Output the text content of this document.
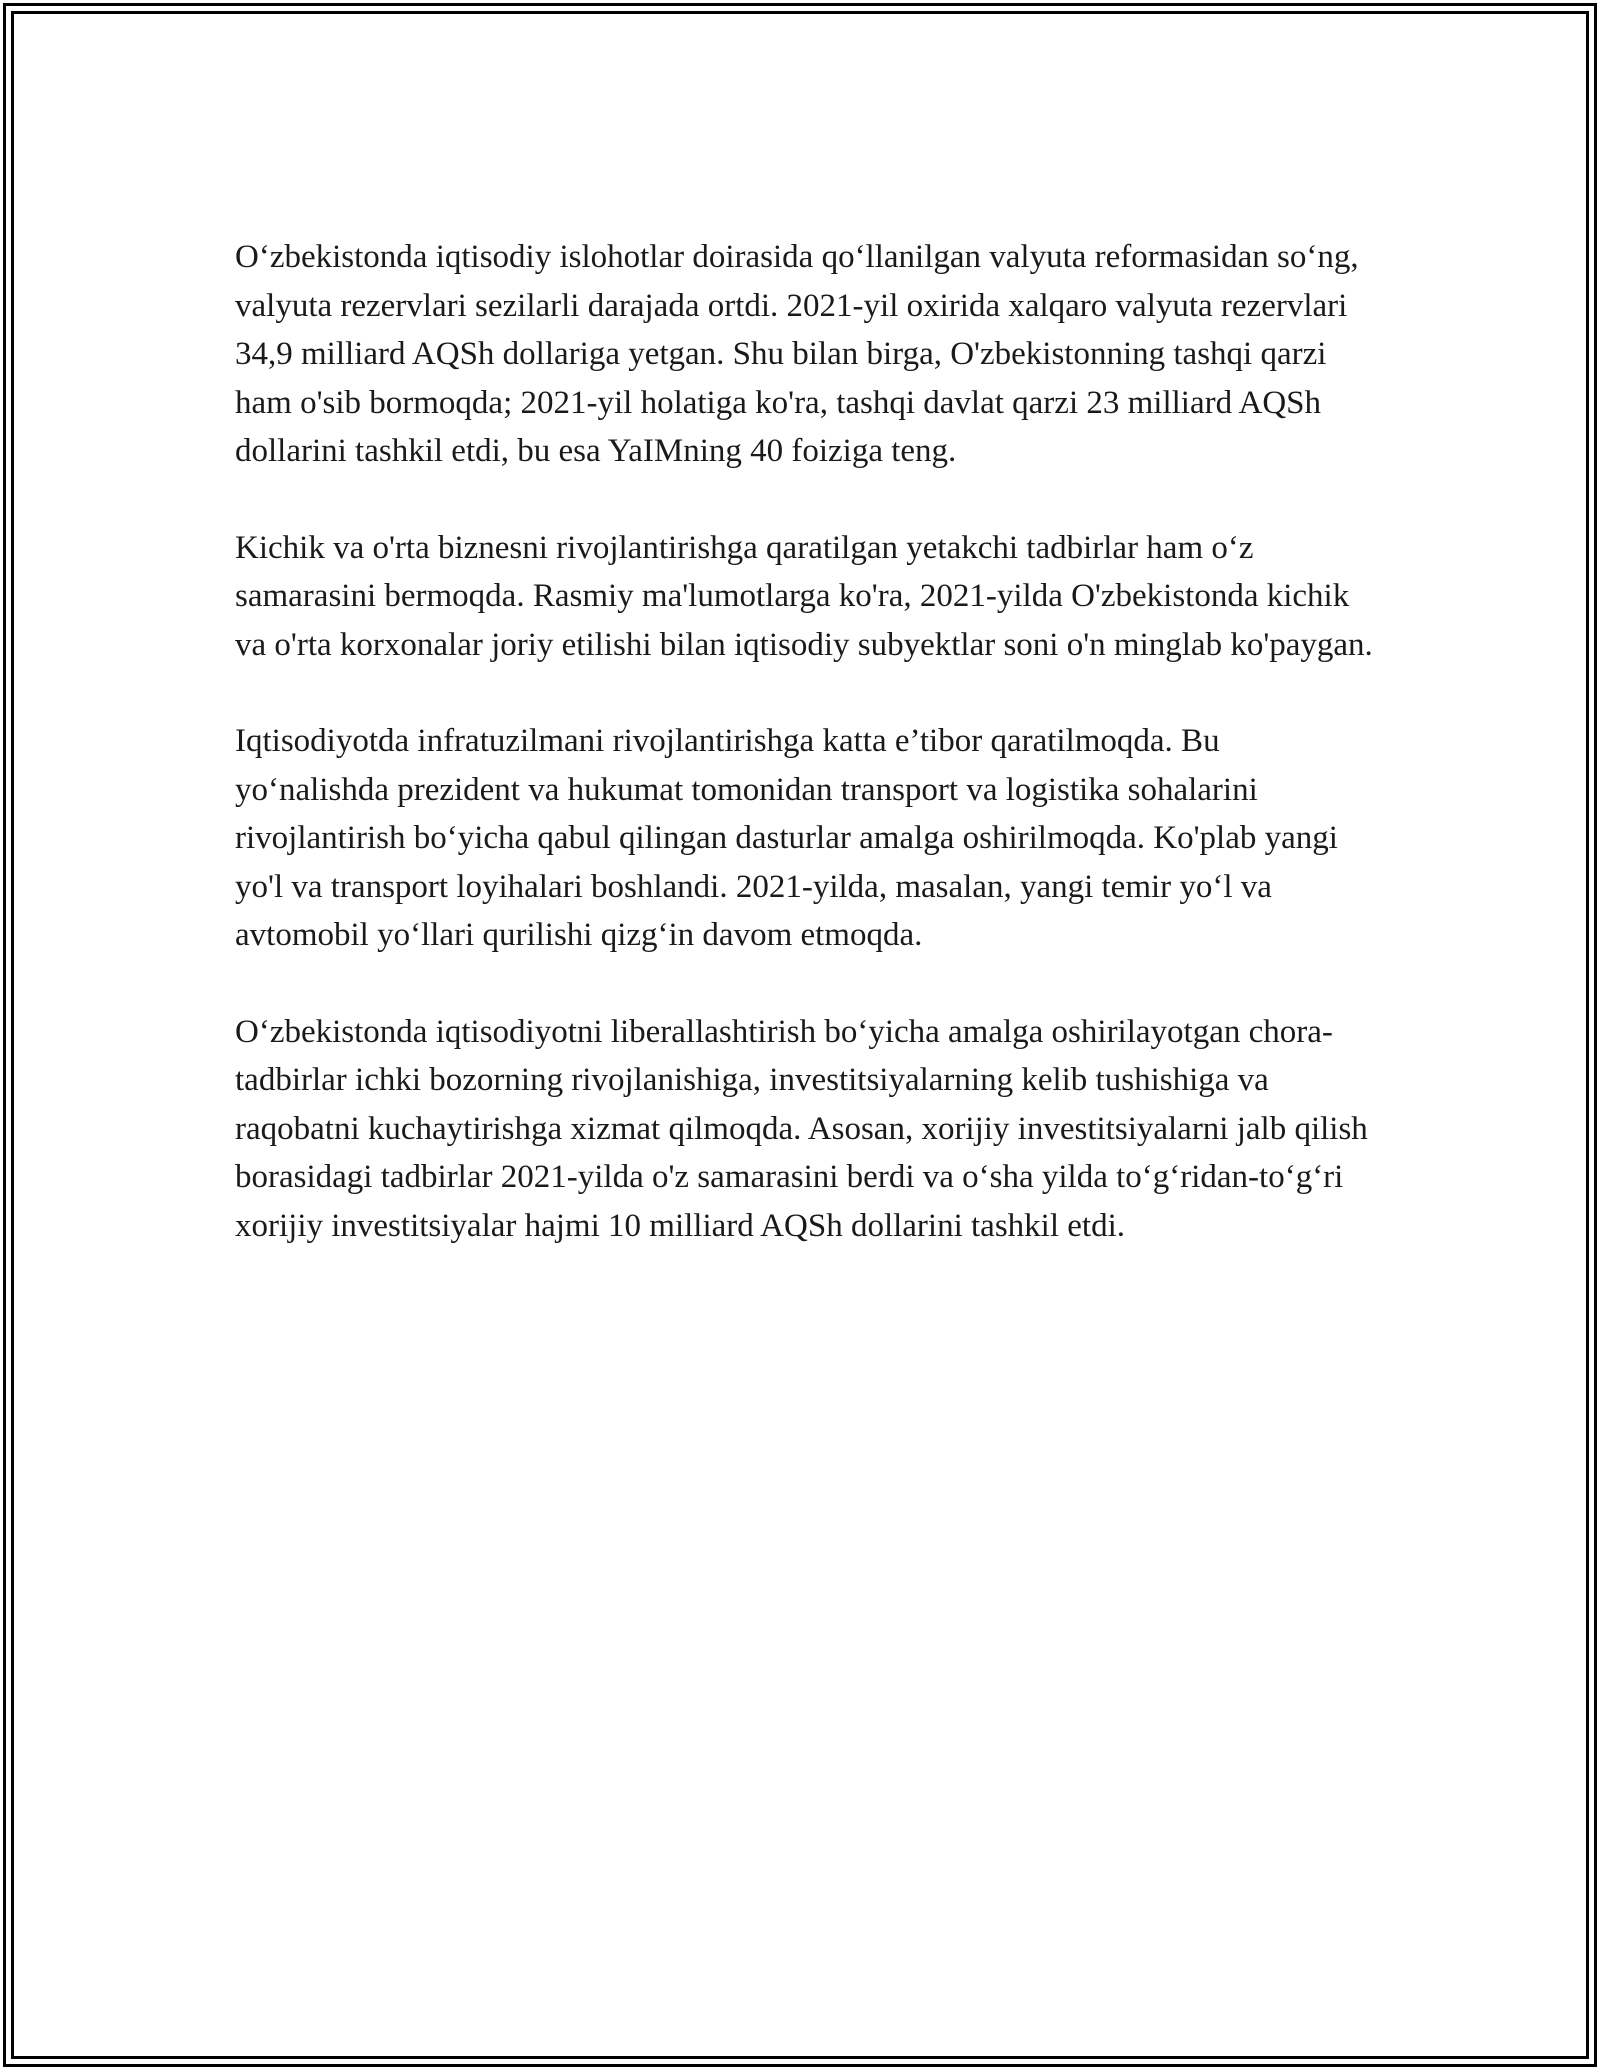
O‘zbekistonda iqtisodiy islohotlar doirasida qo‘llanilgan valyuta reformasidan so‘ng, valyuta rezervlari sezilarli darajada ortdi. 2021-yil oxirida xalqaro valyuta rezervlari 34,9 milliard AQSh dollariga yetgan. Shu bilan birga, O'zbekistonning tashqi qarzi ham o'sib bormoqda; 2021-yil holatiga ko'ra, tashqi davlat qarzi 23 milliard AQSh dollarini tashkil etdi, bu esa YaIMning 40 foiziga teng.

Kichik va o'rta biznesni rivojlantirishga qaratilgan yetakchi tadbirlar ham o‘z samarasini bermoqda. Rasmiy ma'lumotlarga ko'ra, 2021-yilda O'zbekistonda kichik va o'rta korxonalar joriy etilishi bilan iqtisodiy subyektlar soni o'n minglab ko'paygan.

Iqtisodiyotda infratuzilmani rivojlantirishga katta e’tibor qaratilmoqda. Bu yo‘nalishda prezident va hukumat tomonidan transport va logistika sohalarini rivojlantirish bo‘yicha qabul qilingan dasturlar amalga oshirilmoqda. Ko'plab yangi yo'l va transport loyihalari boshlandi. 2021-yilda, masalan, yangi temir yo‘l va avtomobil yo‘llari qurilishi qizg‘in davom etmoqda.

O‘zbekistonda iqtisodiyotni liberallashtirish bo‘yicha amalga oshirilayotgan chora-tadbirlar ichki bozorning rivojlanishiga, investitsiyalarning kelib tushishiga va raqobatni kuchaytirishga xizmat qilmoqda. Asosan, xorijiy investitsiyalarni jalb qilish borasidagi tadbirlar 2021-yilda o'z samarasini berdi va o‘sha yilda to‘g‘ridan-to‘g‘ri xorijiy investitsiyalar hajmi 10 milliard AQSh dollarini tashkil etdi.
